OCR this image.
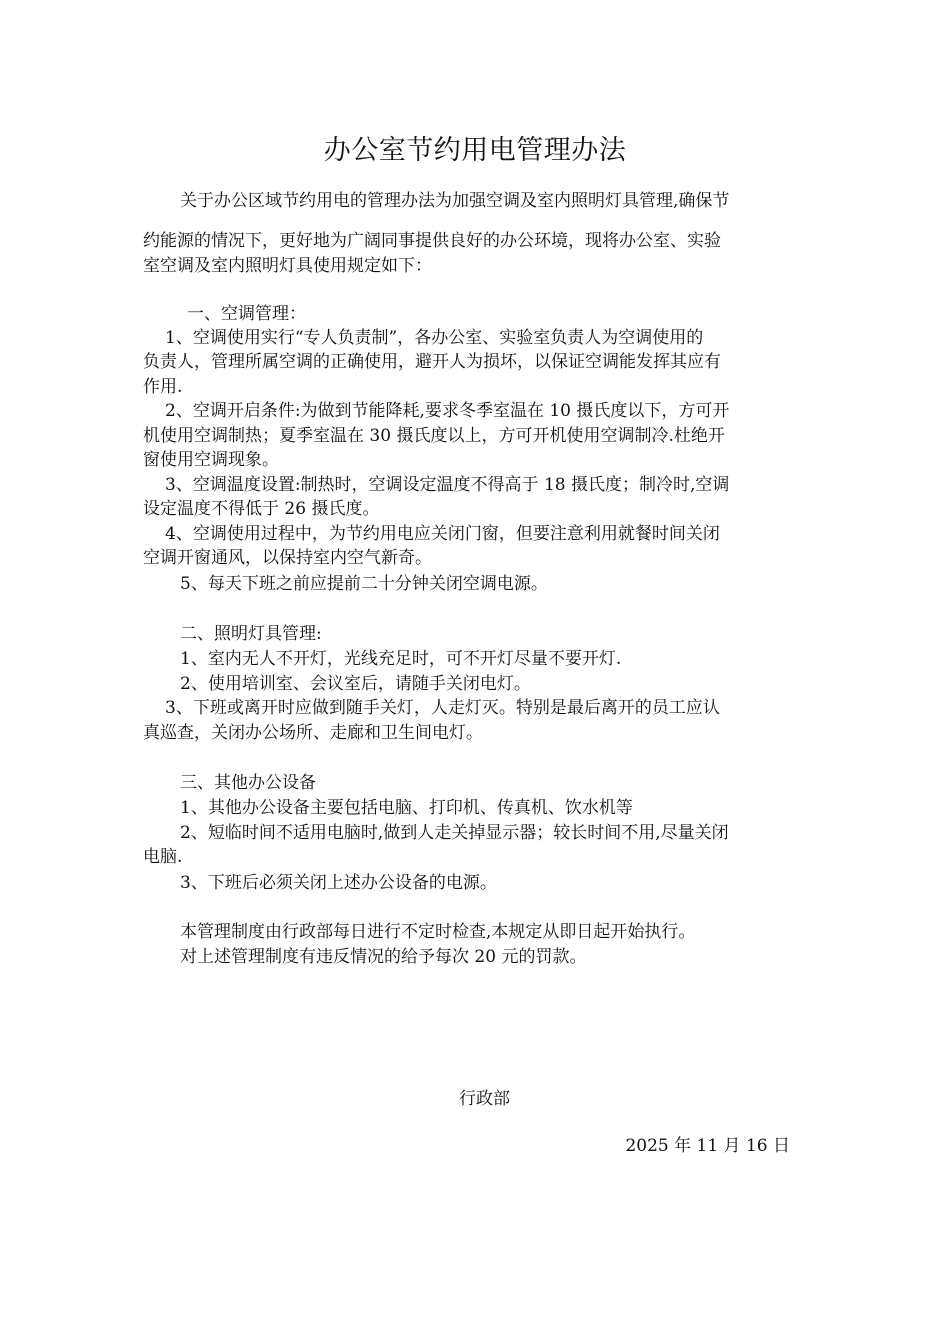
办公室节约用电管理办法
关于办公区域节约用电的管理办法为加强空调及室内照明灯具管理,确保节
约能源的情况下，更好地为广阔同事提供良好的办公环境，现将办公室、实验
室空调及室内照明灯具使用规定如下：
一、空调管理：
1、空调使用实行“专人负责制”，各办公室、实验室负责人为空调使用的
负责人，管理所属空调的正确使用，避开人为损坏，以保证空调能发挥其应有
作用.
2、空调开启条件:为做到节能降耗,要求冬季室温在 10 摄氏度以下，方可开
机使用空调制热；夏季室温在 30 摄氏度以上，方可开机使用空调制冷.杜绝开
窗使用空调现象。
3、空调温度设置:制热时，空调设定温度不得高于 18 摄氏度；制冷时,空调
设定温度不得低于 26 摄氏度。
4、空调使用过程中，为节约用电应关闭门窗，但要注意利用就餐时间关闭
空调开窗通风，以保持室内空气新奇。
5、每天下班之前应提前二十分钟关闭空调电源。
二、照明灯具管理:
1、室内无人不开灯，光线充足时，可不开灯尽量不要开灯.
2、使用培训室、会议室后，请随手关闭电灯。
3、下班或离开时应做到随手关灯，人走灯灭。特别是最后离开的员工应认
真巡查，关闭办公场所、走廊和卫生间电灯。
三、其他办公设备
1、其他办公设备主要包括电脑、打印机、传真机、饮水机等
2、短临时间不适用电脑时,做到人走关掉显示器；较长时间不用,尽量关闭
电脑.
3、下班后必须关闭上述办公设备的电源。
本管理制度由行政部每日进行不定时检查,本规定从即日起开始执行。
对上述管理制度有违反情况的给予每次 20 元的罚款。
行政部
2025 年 11 月 16 日
